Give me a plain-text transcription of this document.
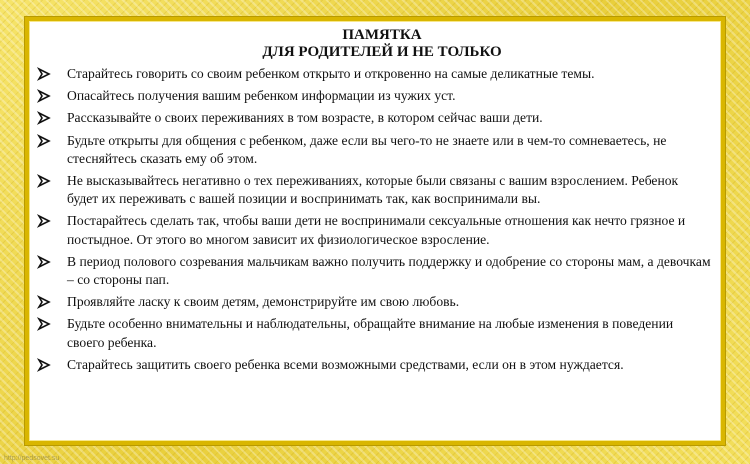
ПАМЯТКА
ДЛЯ РОДИТЕЛЕЙ И НЕ ТОЛЬКО
Старайтесь говорить со своим ребенком открыто и откровенно на самые деликатные темы.
Опасайтесь получения вашим ребенком информации из чужих уст.
Рассказывайте о своих переживаниях в том возрасте, в котором сейчас ваши дети.
Будьте открыты для общения с ребенком, даже если вы чего-то не знаете или в чем-то сомневаетесь, не стесняйтесь сказать ему об этом.
Не высказывайтесь негативно о тех переживаниях, которые были связаны с вашим взрослением. Ребенок будет их переживать с вашей позиции и воспринимать так, как воспринимали вы.
Постарайтесь сделать так, чтобы ваши дети не воспринимали сексуальные отношения как нечто грязное и постыдное. От этого во многом зависит их физиологическое взросление.
В период полового созревания мальчикам важно получить поддержку и одобрение со стороны мам, а девочкам – со стороны пап.
Проявляйте ласку к своим детям, демонстрируйте им свою любовь.
Будьте особенно внимательны и наблюдательны, обращайте внимание на любые изменения в поведении своего ребенка.
Старайтесь защитить своего ребенка всеми возможными средствами, если он в этом нуждается.
http://pedsovet.su
